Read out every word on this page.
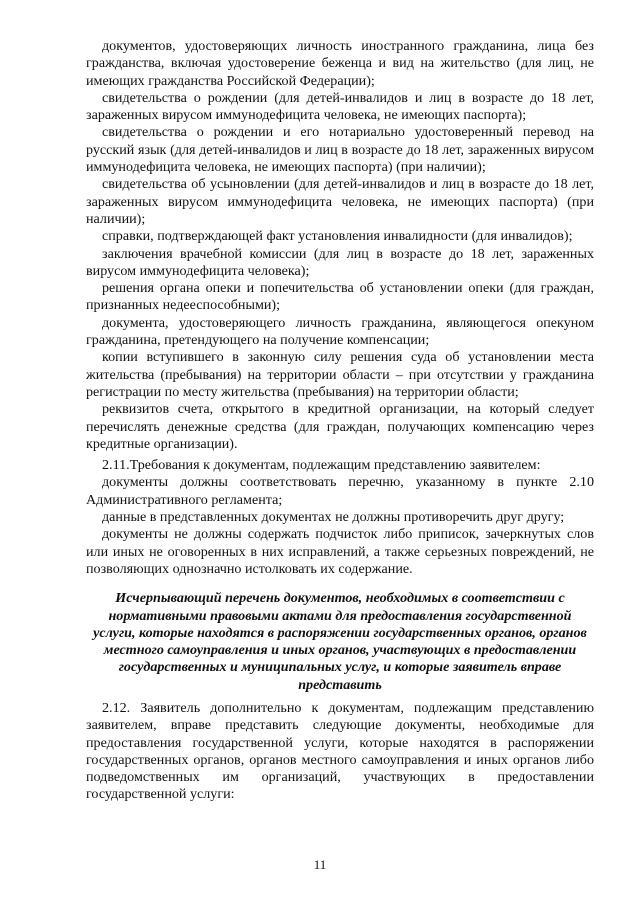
документов, удостоверяющих личность иностранного гражданина, лица без гражданства, включая удостоверение беженца и вид на жительство (для лиц, не имеющих гражданства Российской Федерации);

свидетельства о рождении (для детей-инвалидов и лиц в возрасте до 18 лет, зараженных вирусом иммунодефицита человека, не имеющих паспорта);

свидетельства о рождении и его нотариально удостоверенный перевод на русский язык (для детей-инвалидов и лиц в возрасте до 18 лет, зараженных вирусом иммунодефицита человека, не имеющих паспорта) (при наличии);

свидетельства об усыновлении (для детей-инвалидов и лиц в возрасте до 18 лет, зараженных вирусом иммунодефицита человека, не имеющих паспорта) (при наличии);

справки, подтверждающей факт установления инвалидности (для инвалидов);

заключения врачебной комиссии (для лиц в возрасте до 18 лет, зараженных вирусом иммунодефицита человека);

решения органа опеки и попечительства об установлении опеки (для граждан, признанных недееспособными);

документа, удостоверяющего личность гражданина, являющегося опекуном гражданина, претендующего на получение компенсации;

копии вступившего в законную силу решения суда об установлении места жительства (пребывания) на территории области – при отсутствии у гражданина регистрации по месту жительства (пребывания) на территории области;

реквизитов счета, открытого в кредитной организации, на который следует перечислять денежные средства (для граждан, получающих компенсацию через кредитные организации).

2.11.Требования к документам, подлежащим представлению заявителем:

документы должны соответствовать перечню, указанному в пункте 2.10 Административного регламента;

данные в представленных документах не должны противоречить друг другу;

документы не должны содержать подчисток либо приписок, зачеркнутых слов или иных не оговоренных в них исправлений, а также серьезных повреждений, не позволяющих однозначно истолковать их содержание.

Исчерпывающий перечень документов, необходимых в соответствии с нормативными правовыми актами для предоставления государственной услуги, которые находятся в распоряжении государственных органов, органов местного самоуправления и иных органов, участвующих в предоставлении государственных и муниципальных услуг, и которые заявитель вправе представить

2.12. Заявитель дополнительно к документам, подлежащим представлению заявителем, вправе представить следующие документы, необходимые для предоставления государственной услуги, которые находятся в распоряжении государственных органов, органов местного самоуправления и иных органов либо подведомственных им организаций, участвующих в предоставлении государственной услуги:

11
